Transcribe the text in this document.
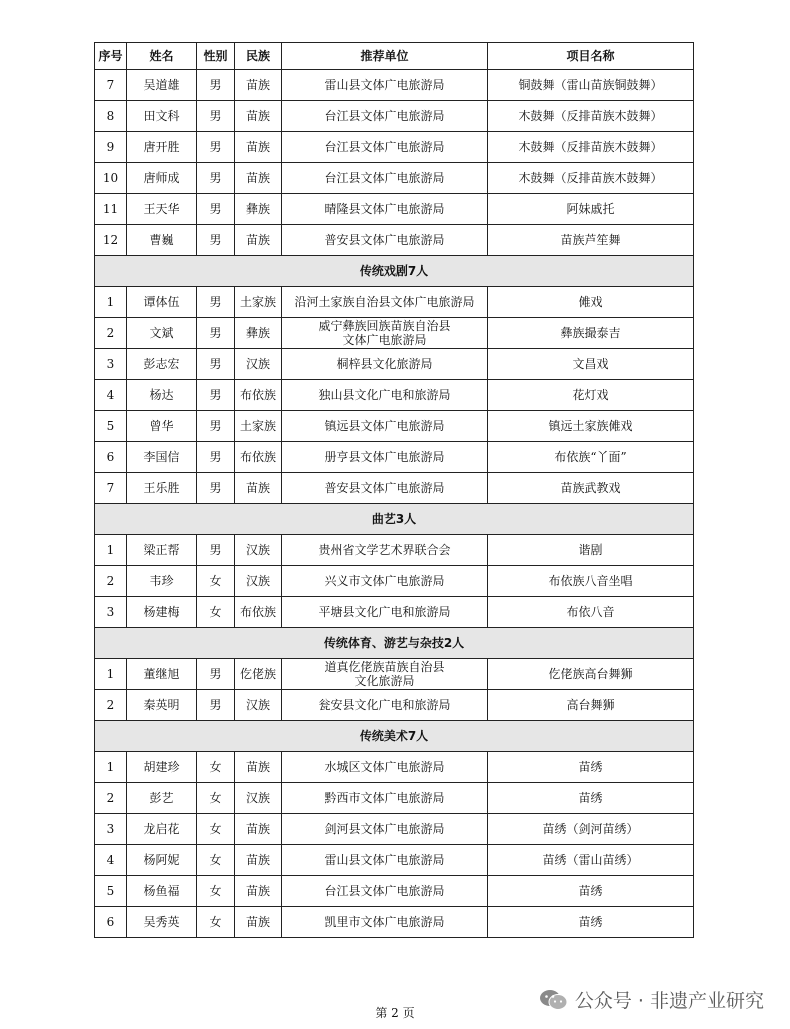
序号	姓名	性别	民族	推荐单位	项目名称
7	吴道雄	男	苗族	雷山县文体广电旅游局	铜鼓舞（雷山苗族铜鼓舞）
8	田文科	男	苗族	台江县文体广电旅游局	木鼓舞（反排苗族木鼓舞）
9	唐开胜	男	苗族	台江县文体广电旅游局	木鼓舞（反排苗族木鼓舞）
10	唐师成	男	苗族	台江县文体广电旅游局	木鼓舞（反排苗族木鼓舞）
11	王天华	男	彝族	晴隆县文体广电旅游局	阿妹戚托
12	曹巍	男	苗族	普安县文体广电旅游局	苗族芦笙舞
传统戏剧7人					
1	谭体伍	男	土家族	沿河土家族自治县文体广电旅游局	傩戏
2	文斌	男	彝族	威宁彝族回族苗族自治县
文体广电旅游局	彝族撮泰吉
3	彭志宏	男	汉族	桐梓县文化旅游局	文昌戏
4	杨达	男	布依族	独山县文化广电和旅游局	花灯戏
5	曾华	男	土家族	镇远县文体广电旅游局	镇远土家族傩戏
6	李国信	男	布依族	册亨县文体广电旅游局	布依族“丫面”
7	王乐胜	男	苗族	普安县文体广电旅游局	苗族武教戏
曲艺3人					
1	梁正帮	男	汉族	贵州省文学艺术界联合会	谐剧
2	韦珍	女	汉族	兴义市文体广电旅游局	布依族八音坐唱
3	杨建梅	女	布依族	平塘县文化广电和旅游局	布依八音
传统体育、游艺与杂技2人					
1	董继旭	男	仡佬族	道真仡佬族苗族自治县
文化旅游局	仡佬族高台舞狮
2	秦英明	男	汉族	瓮安县文化广电和旅游局	高台舞狮
传统美术7人					
1	胡建珍	女	苗族	水城区文体广电旅游局	苗绣
2	彭艺	女	汉族	黔西市文体广电旅游局	苗绣
3	龙启花	女	苗族	剑河县文体广电旅游局	苗绣（剑河苗绣）
4	杨阿妮	女	苗族	雷山县文体广电旅游局	苗绣（雷山苗绣）
5	杨鱼福	女	苗族	台江县文体广电旅游局	苗绣
6	吴秀英	女	苗族	凯里市文体广电旅游局	苗绣
第 2 页
公众号 · 非遗产业研究
